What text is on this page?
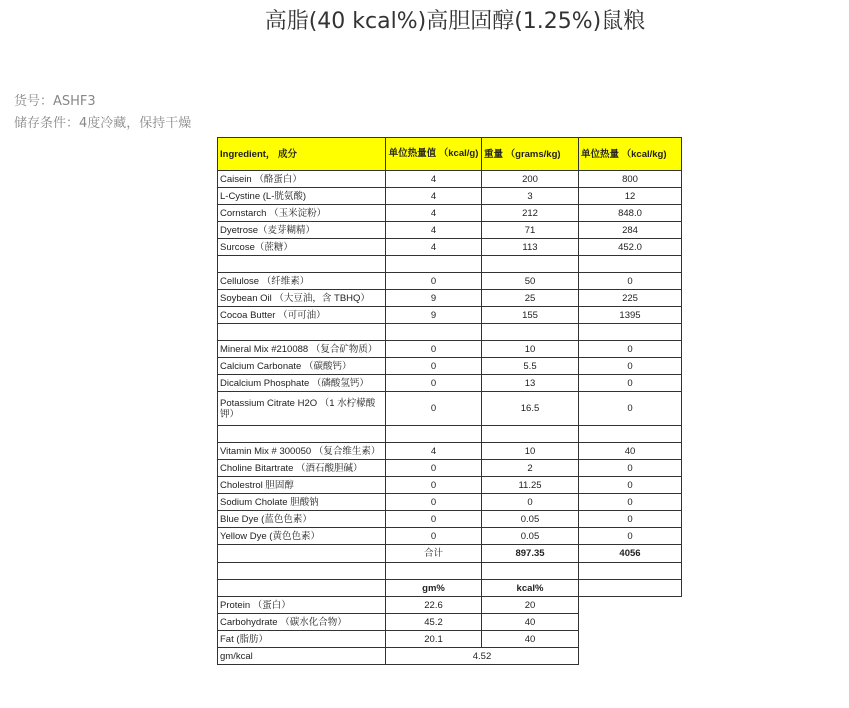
高脂(40 kcal%)高胆固醇(1.25%)鼠粮
货号：ASHF3
储存条件：4度冷藏，保持干燥
Ingredient， 成分	单位热量值 （kcal/g)	重量 （grams/kg)	单位热量 （kcal/kg)
Caisein （酪蛋白）	4	200	800
L-Cystine (L-胱氨酸)	4	3	12
Cornstarch （玉米淀粉）	4	212	848.0
Dyetrose（麦芽糊精）	4	71	284
Surcose（蔗糖）	4	113	452.0

Cellulose （纤维素）	0	50	0
Soybean Oil （大豆油，含 TBHQ）	9	25	225
Cocoa Butter （可可油）	9	155	1395

Mineral Mix #210088 （复合矿物质）	0	10	0
Calcium Carbonate （碳酸钙）	0	5.5	0
Dicalcium Phosphate （磷酸氢钙）	0	13	0
Potassium Citrate H2O （1 水柠檬酸钾）	0	16.5	0

Vitamin Mix # 300050 （复合维生素）	4	10	40
Choline Bitartrate （酒石酸胆碱）	0	2	0
Cholestrol 胆固醇	0	11.25	0
Sodium Cholate 胆酸钠	0	0	0
Blue Dye (蓝色色素）	0	0.05	0
Yellow Dye (黄色色素）	0	0.05	0
	合计	897.35	4056

	gm%	kcal%	
Protein （蛋白）	22.6	20	
Carbohydrate （碳水化合物）	45.2	40	
Fat (脂肪）	20.1	40	
gm/kcal	4.52		
